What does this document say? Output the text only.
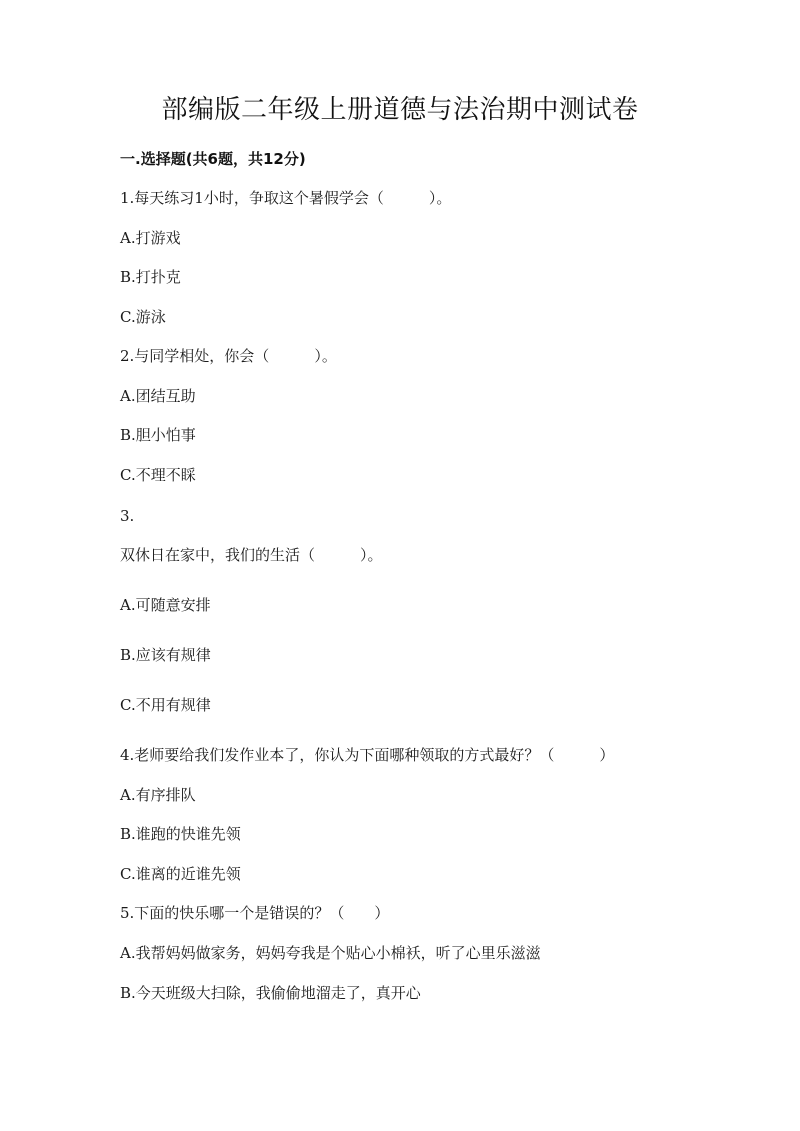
部编版二年级上册道德与法治期中测试卷
一.选择题(共6题，共12分)
1.每天练习1小时，争取这个暑假学会（　　　）。
A.打游戏
B.打扑克
C.游泳
2.与同学相处，你会（　　　）。
A.团结互助
B.胆小怕事
C.不理不睬
3.
双休日在家中，我们的生活（　　　）。
A.可随意安排
B.应该有规律
C.不用有规律
4.老师要给我们发作业本了，你认为下面哪种领取的方式最好？（　　　）
A.有序排队
B.谁跑的快谁先领
C.谁离的近谁先领
5.下面的快乐哪一个是错误的？（　　）
A.我帮妈妈做家务，妈妈夸我是个贴心小棉袄，听了心里乐滋滋
B.今天班级大扫除，我偷偷地溜走了，真开心
